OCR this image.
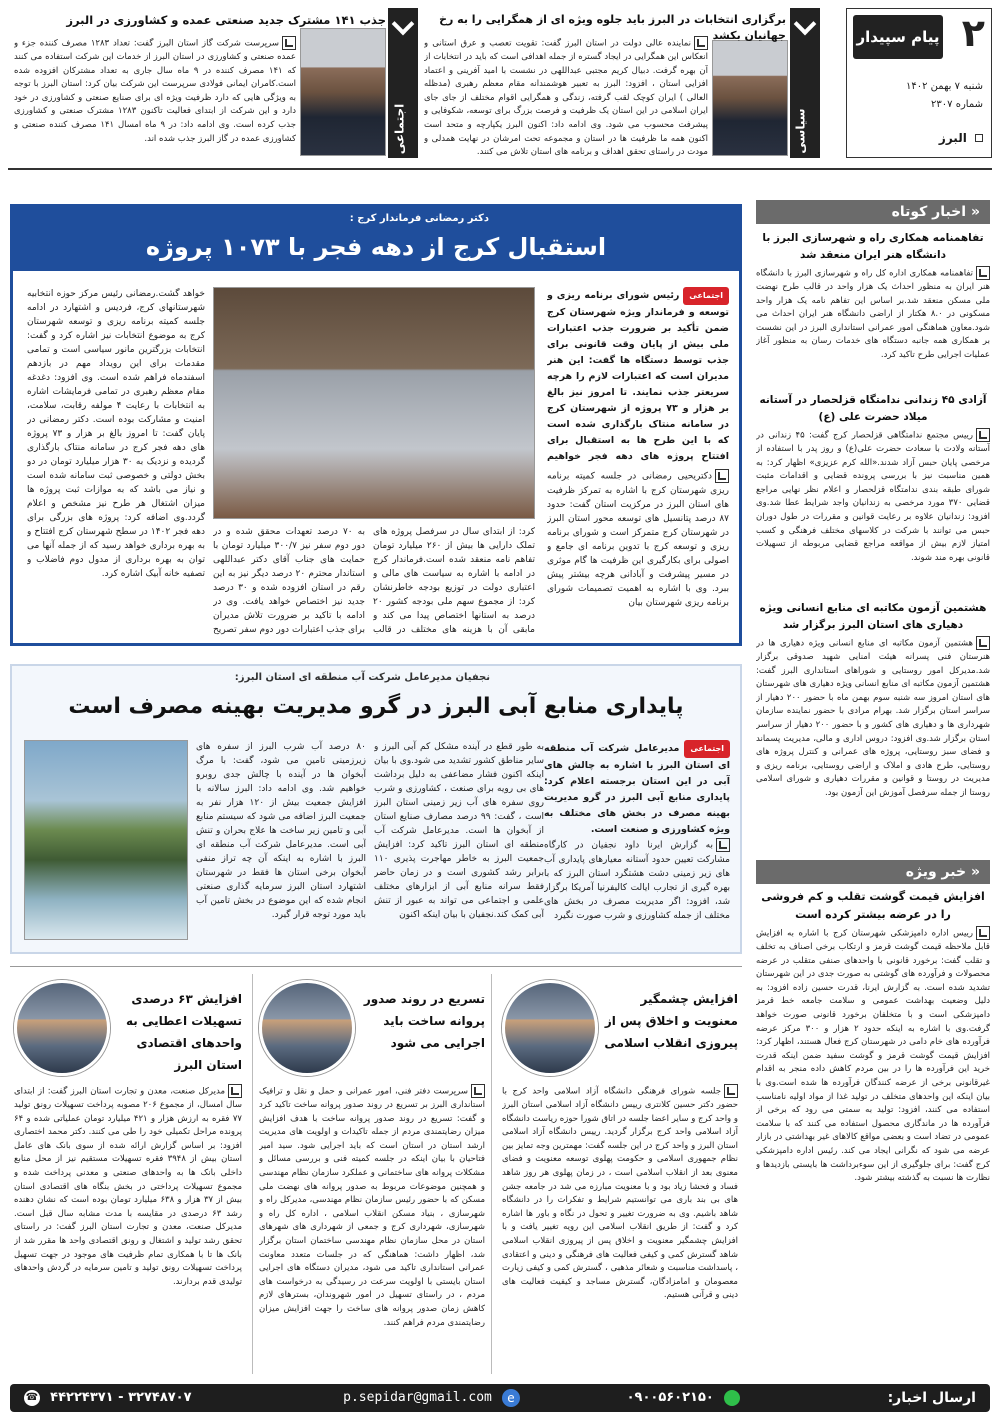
۲
پیام سپیدار
شنبه ۷ بهمن ۱۴۰۲
شماره ۲۳۰۷
البرز
سیاسی
برگزاری انتخابات در البرز باید جلوه ویژه ای از همگرایی را به رخ جهانیان بکشد
نماینده عالی دولت در استان البرز گفت: تقویت تعصب و عرق استانی و انعکاس این همگرایی در ایجاد گستره از جمله اهدافی است که باید در انتخابات از آن بهره گرفت. دبیال کریم مجتبی عبداللهی در نشست با امید آفرینی و اعتماد افزایی استان ، افزود: البرز به تعبیر هوشمندانه مقام معظم رهبری (مدظله العالی ) ایران کوچک لقب گرفته، زندگی و همگرایی اقوام مختلف از جای جای ایران اسلامی در این استان یک ظرفیت و فرصت بزرگ برای توسعه، شکوفایی و پیشرفت محسوب می شود. وی ادامه داد: اکنون البرز یکپارچه و متحد است اکنون همه ما ظرفیت ها در استان و مجموعه تحت امرشان در نهایت همدلی و مودت در راستای تحقق اهداف و برنامه های استان تلاش می کنند.
اجتماعی
جذب ۱۴۱ مشترک جدید صنعتی عمده و کشاورزی در البرز
سرپرست شرکت گاز استان البرز گفت: تعداد ۱۲۸۳ مصرف کننده جزء و عمده صنعتی و کشاورزی در استان البرز از خدمات این شرکت استفاده می کنند که ۱۴۱ مصرف کننده در ۹ ماه سال جاری به تعداد مشترکان افزوده شده است.کامران ایمانی فولادی سرپرست این شرکت بیان کرد: استان البرز با توجه به ویژگی هایی که دارد ظرفیت ویژه ای برای صنایع صنعتی و کشاورزی در خود دارد و این شرکت از ابتدای فعالیت تاکنون ۱۲۸۳ مشترک صنعتی و کشاورزی جذب کرده است. وی ادامه داد: در ۹ ماه امسال ۱۴۱ مصرف کننده صنعتی و کشاورزی عمده در گاز البرز جذب شده اند.
« اخبار کوتاه
تفاهمنامه همکاری راه و شهرسازی البرز با دانشگاه هنر ایران منعقد شد
تفاهمنامه همکاری اداره کل راه و شهرسازی البرز با دانشگاه هنر ایران به منظور احداث یک هزار واحد در قالب طرح نهضت ملی مسکن منعقد شد.بر اساس این تفاهم نامه یک هزار واحد مسکونی در ۸.۰ هکتار از اراضی دانشگاه هنر ایران احداث می شود.معاون هماهنگی امور عمرانی استانداری البرز در این نشست بر همکاری همه جانبه دستگاه های خدمات رسان به منظور آغاز عملیات اجرایی طرح تاکید کرد.
آزادی ۴۵ زندانی ندامتگاه قزلحصار در آستانه میلاد حضرت علی (ع)
رییس مجتمع ندامتگاهی قزلحصار کرج گفت: ۴۵ زندانی در آستانه ولادت با سعادت حضرت علی(ع) و روز پدر با استفاده از مرخصی پایان حبس آزاد شدند.«الله کرم عزیزی» اظهار کرد: به همین مناسبت نیز با بررسی پرونده قضایی و اقدامات مثبت شورای طبقه بندی ندامتگاه قزلحصار و اعلام نظر نهایی مراجع قضایی ۳۷۰ مورد مرخصی به زندانیان واجد شرایط عطا شد.وی افزود: زندانیان علاوه بر رعایت قوانین و مقررات در طول دوران حبس می توانند با شرکت در کلاسهای مختلف فرهنگی و کسب امتیاز لازم بیش از مواقعه مراجع قضایی مربوطه از تسهیلات قانونی بهره مند شوند.
هشتمین آزمون مکاتبه ای منابع انسانی ویژه دهیاری های استان البرز برگزار شد
هشتمین آزمون مکاتبه ای منابع انسانی ویژه دهیاری ها در هنرستان فنی پسرانه هیئت امنایی شهید صدوقی برگزار شد.مدیرکل امور روستایی و شوراهای استانداری البرز گفت: هشتمین آزمون مکاتبه ای منابع انسانی ویژه دهیاری های شهرستان های استان امروز سه شنبه سوم بهمن ماه با حضور ۲۰۰ دهیار از سراسر استان برگزار شد. بهرام مرادی با حضور نماینده سازمان شهرداری ها و دهیاری های کشور و با حضور ۲۰۰ دهیار از سراسر استان برگزار شد.وی افزود: دروس اداری و مالی، مدیریت پسماند و فضای سبز روستایی، پروژه های عمرانی و کنترل پروژه های روستایی، طرح هادی و املاک و اراضی روستایی، برنامه ریزی و مدیریت در روستا و قوانین و مقررات دهیاری و شورای اسلامی روستا از جمله سرفصل آموزش این آزمون بود.
« خبر ویژه
افزایش قیمت گوشت تقلب و کم فروشی را در عرضه بیشتر کرده است
رییس اداره دامپزشکی شهرستان کرج با اشاره به افزایش قابل ملاحظه قیمت گوشت قرمز و ارتکاب برخی اصناف به تخلف و تقلب گفت: برخورد قانونی با واحدهای صنفی متقلب در عرضه محصولات و فرآورده های گوشتی به صورت جدی در این شهرستان تشدید شده است. به گزارش ایرنا، قدرت حسین زاده افزود: به دلیل وضعیت بهداشت عمومی و سلامت جامعه خط قرمز دامپزشکی است و با متخلفان برخورد قانونی صورت خواهد گرفت.وی با اشاره به اینکه حدود ۲ هزار و ۳۰۰ مرکز عرضه فرآورده های خام دامی در شهرستان کرج فعال هستند، اظهار کرد: افزایش قیمت گوشت قرمز و گوشت سفید ضمن اینکه قدرت خرید این فرآورده ها را در بین مردم کاهش داده منجر به اقدام غیرقانونی برخی از عرضه کنندگان فرآورده ها شده است.وی با بیان اینکه این واحدهای متخلف در تولید غذا از مواد اولیه نامناسب استفاده می کنند، افزود: تولید به سمتی می رود که برخی از فرآورده ها در ماندگاری محصول استفاده می کنند که با سلامت عمومی در تضاد است و بعضی مواقع کالاهای غیر بهداشتی در بازار عرضه می شود که نگرانی ایجاد می کند. رئیس اداره دامپزشکی کرج گفت: برای جلوگیری از این سوءبرداشت ها بایستی بازدیدها و نظارت ها نسبت به گذشته بیشتر شود.
دکتر رمضانی فرماندار کرج :
استقبال کرج از دهه فجر با ۱۰۷۳ پروژه
اجتماعی رئیس شورای برنامه ریزی و توسعه و فرماندار ویژه شهرستان کرج ضمن تأکید بر ضرورت جذب اعتبارات ملی بیش از پایان وقت قانونی برای جذب توسط دستگاه ها گفت: این هنر مدیران است که اعتبارات لازم را هرچه سریعتر جذب نمایند. تا امروز نیز بالغ بر هزار و ۷۳ پروژه از شهرستان کرج در سامانه منتاک بارگذاری شده است که با این طرح ها به استقبال برای افتتاح پروژه های دهه فجر خواهیم
دکتریحیی رمضانی در جلسه کمیته برنامه ریزی شهرستان کرج با اشاره به تمرکز ظرفیت های استان البرز در مرکزیت استان گفت: حدود ۸۷ درصد پتانسیل های توسعه محور استان البرز در شهرستان کرج متمرکز است و شورای برنامه ریزی و توسعه کرج با تدوین برنامه ای جامع و اصولی برای بکارگیری این ظرفیت ها گام موثری در مسیر پیشرفت و آبادانی هرچه بیشتر پیش ببرد. وی با اشاره به اهمیت تصمیمات شورای برنامه ریزی شهرستان بیان
کرد: از ابتدای سال در سرفصل پروژه های تملک دارایی ها بیش از ۲۶۰ میلیارد تومان تفاهم نامه منعقد شده است.فرماندار کرج در ادامه با اشاره به سیاست های مالی و اعتباری دولت در توزیع بودجه خاطرنشان کرد: از مجموع سهم ملی بودجه کشور ۲۰ درصد به استانها اختصاص پیدا می کند و مابقی آن با هزینه های مختلف در قالب
به ۷۰ درصد تعهدات محقق شده و در دور دوم سفر نیز ۳۰۰/۷ میلیارد تومان با حمایت های جناب آقای دکتر عبداللهی استاندار محترم ۲۰ درصد دیگر نیز به این رقم در استان افزوده شده و ۳۰ درصد جدید نیز اختصاص خواهد یافت. وی در ادامه با تاکید بر ضرورت تلاش مدیران برای جذب اعتبارات دور دوم سفر تصریح
خواهد گشت.رمضانی رئیس مرکز حوزه انتخابیه شهرستانهای کرج، فردیس و اشتهارد در ادامه جلسه کمیته برنامه ریزی و توسعه شهرستان کرج به موضوع انتخابات نیز اشاره کرد و گفت: انتخابات بزرگترین مانور سیاسی است و تمامی مقدمات برای این رویداد مهم در بازدهم اسفندماه فراهم شده است. وی افزود: دغدغه مقام معظم رهبری در تمامی فرمایشات اشاره به انتخابات با رعایت ۴ مولفه رقابت، سلامت، امنیت و مشارکت بوده است. دکتر رمضانی در پایان گفت: تا امروز بالغ بر هزار و ۷۳ پروژه های دهه فجر کرج در سامانه منتاک بارگذاری گردیده و نزدیک به ۳۰ هزار میلیارد تومان در دو بخش دولتی و خصوصی ثبت سامانه شده است و نیاز می باشد که به موازات ثبت پروژه ها میزان اشتغال هر طرح نیز مشخص و اعلام گردد.وی اضافه کرد: پروژه های بزرگی برای دهه فجر ۱۴۰۲ در سطح شهرستان کرج افتتاح و به بهره برداری خواهد رسید که از جمله آنها می توان به بهره برداری از مدول دوم فاضلاب و تصفیه خانه آبیک اشاره کرد.
نجفیان مدیرعامل شرکت آب منطقه ای استان البرز:
پایداری منابع آبی البرز در گرو مدیریت بهینه مصرف است
اجتماعی مدیرعامل شرکت آب منطقه ای استان البرز با اشاره به چالش های آبی در این استان برجسته اعلام کرد: پایداری منابع آبی البرز در گرو مدیریت بهینه مصرف در بخش های مختلف به ویژه کشاورزی و صنعت است.
به گزارش ایرنا داود نجفیان در کارگاه مشارکت تعیین حدود آستانه معیارهای پایداری آب های زیر زمینی دشت هشتگرد استان البرز که با بهره گیری از تجارب ایالت کالیفرنیا آمریکا برگزار شد، افزود: اگر مدیریت مصرف در بخش های مختلف از جمله کشاورزی و شرب صورت نگیرد
به طور قطع در آینده مشکل کم آبی البرز و سایر مناطق کشور تشدید می شود.وی با بیان اینکه اکنون فشار مضاعفی به دلیل برداشت های بی رویه برای صنعت ، کشاورزی و شرب روی سفره های آب زیر زمینی استان البرز است ، گفت: ۹۹ درصد مصارف صنایع استان از آبخوان ها است. مدیرعامل شرکت آب منطقه ای استان البرز تاکید کرد: افزایش جمعیت البرز به خاطر مهاجرت پذیری ۱۱۰ برابر رشد کشوری است و در زمان حاضر فقط سرانه منابع آبی از ابزارهای مختلف علمی و اجتماعی می تواند به عبور از تنش آبی کمک کند.نجفیان با بیان اینکه اکنون
۸۰ درصد آب شرب البرز از سفره های زیرزمینی تامین می شود، گفت: با مرگ آبخوان ها در آینده با چالش جدی روبرو خواهیم شد. وی ادامه داد: البرز سالانه با افزایش جمعیت بیش از ۱۲۰ هزار نفر به جمعیت البرز اضافه می شود که سیستم منابع آبی و تامین زیر ساخت ها علاج بحران و تنش آبی است. مدیرعامل شرکت آب منطقه ای البرز با اشاره به اینکه آن چه تراز منفی آبخوان برخی استان ها فقط در شهرستان اشتهارد استان البرز سرمایه گذاری صنعتی انجام شده که این موضوع در بخش تامین آب باید مورد توجه قرار گیرد.
افزایش چشمگیر معنویت و اخلاق پس از پیروزی انقلاب اسلامی
جلسه شورای فرهنگی دانشگاه آزاد اسلامی واحد کرج با حضور دکتر حسین کلانتری رییس دانشگاه آزاد اسلامی استان البرز و واحد کرج و سایر اعضا جلسه در اتاق شورا حوزه ریاست دانشگاه آزاد اسلامی واحد کرج برگزار گردید. رییس دانشگاه آزاد اسلامی استان البرز و واحد کرج در این جلسه گفت: مهمترین وجه تمایز بین نظام جمهوری اسلامی و حکومت پهلوی توسعه معنویت و فضای معنوی بعد از انقلاب اسلامی است ، در زمان پهلوی هر روز شاهد فساد و فحشا زیاد بود و با معنویت مبارزه می شد در جامعه جشن های بی بند باری می توانستیم شرایط و تفکرات را در دانشگاه شاهد باشیم. وی به ضرورت تغییر و تحول در نگاه و باور ها اشاره کرد و گفت: از طریق انقلاب اسلامی این رویه تغییر یافت و با افزایش چشمگیر معنویت و اخلاق پس از پیروزی انقلاب اسلامی شاهد گسترش کمی و کیفی فعالیت های فرهنگی و دینی و اعتقادی ، پاسداشت مناسبت و شعائر مذهبی ، گسترش کمی و کیفی زیارت معصومان و امامزادگان، گسترش مساجد و کیفیت فعالیت های دینی و قرآنی هستیم.
تسریع در روند صدور پروانه ساخت باید اجرایی می شود
سرپرست دفتر فنی، امور عمرانی و حمل و نقل و ترافیک استانداری البرز بر تسریع در روند صدور پروانه ساخت تاکید کرد و گفت: تسریع در روند صدور پروانه ساخت با هدف افزایش میزان رضایتمندی مردم از جمله تاکیدات و اولویت های مدیریت ارشد استان در استان است که باید اجرایی شود. سید امیر فتاحیان با بیان اینکه در جلسه کمیته فنی و بررسی مسائل و مشکلات پروانه های ساختمانی و عملکرد سازمان نظام مهندسی و همچنین موضوعات مربوط به صدور پروانه های نهضت ملی مسکن که با حضور رئیس سازمان نظام مهندسی، مدیرکل راه و شهرسازی ، بنیاد مسکن انقلاب اسلامی ، اداره کل راه و شهرسازی، شهرداری کرج و جمعی از شهرداری های شهرهای استان در محل سازمان نظام مهندسی ساختمان استان برگزار شد، اظهار داشت: هماهنگی که در جلسات متعدد معاونت عمرانی استانداری تاکید می شود، مدیران دستگاه های اجرایی استان بایستی با اولویت سرعت در رسیدگی به درخواست های مردم ، در راستای تسهیل در امور شهروندان، بسترهای لازم کاهش زمان صدور پروانه های ساخت را جهت افزایش میزان رضایتمندی مردم فراهم کنند.
افزایش ۶۳ درصدی تسهیلات اعطایی به واحدهای اقتصادی استان البرز
مدیرکل صنعت، معدن و تجارت استان البرز گفت: از ابتدای سال امسال، از مجموع ۲۰۶ مصوبه پرداخت تسهیلات رونق تولید ۷۷ فقره به ارزش هزار و ۴۲۱ میلیارد تومان عملیاتی شده و ۶۴ پرونده مراحل تکمیلی خود را طی می کنند. دکتر محمد اختصاری افزود: بر اساس گزارش ارائه شده از سوی بانک های عامل استان بیش از ۳۹۴۸ فقره تسهیلات مستقیم نیز از محل منابع داخلی بانک ها به واحدهای صنعتی و معدنی پرداخت شده و مجموع تسهیلات پرداختی در بخش بنگاه های اقتصادی استان بیش از ۳۷ هزار و ۶۳۸ میلیارد تومان بوده است که نشان دهنده رشد ۶۳ درصدی در مقایسه با مدت مشابه سال قبل است. مدیرکل صنعت، معدن و تجارت استان البرز گفت: در راستای تحقق رشد تولید و اشتغال و رونق اقتصادی واحد ها مقرر شد از بانک ها تا با همکاری تمام ظرفیت های موجود در جهت تسهیل پرداخت تسهیلات رونق تولید و تامین سرمایه در گردش واحدهای تولیدی قدم بردارند.
ارسال اخبار:
۰۹۰۰۵۶۰۲۱۵۰
e p.sepidar@gmail.com
۳۲۷۴۸۷۰۷ - ۴۴۲۲۴۳۷۱ ☎
